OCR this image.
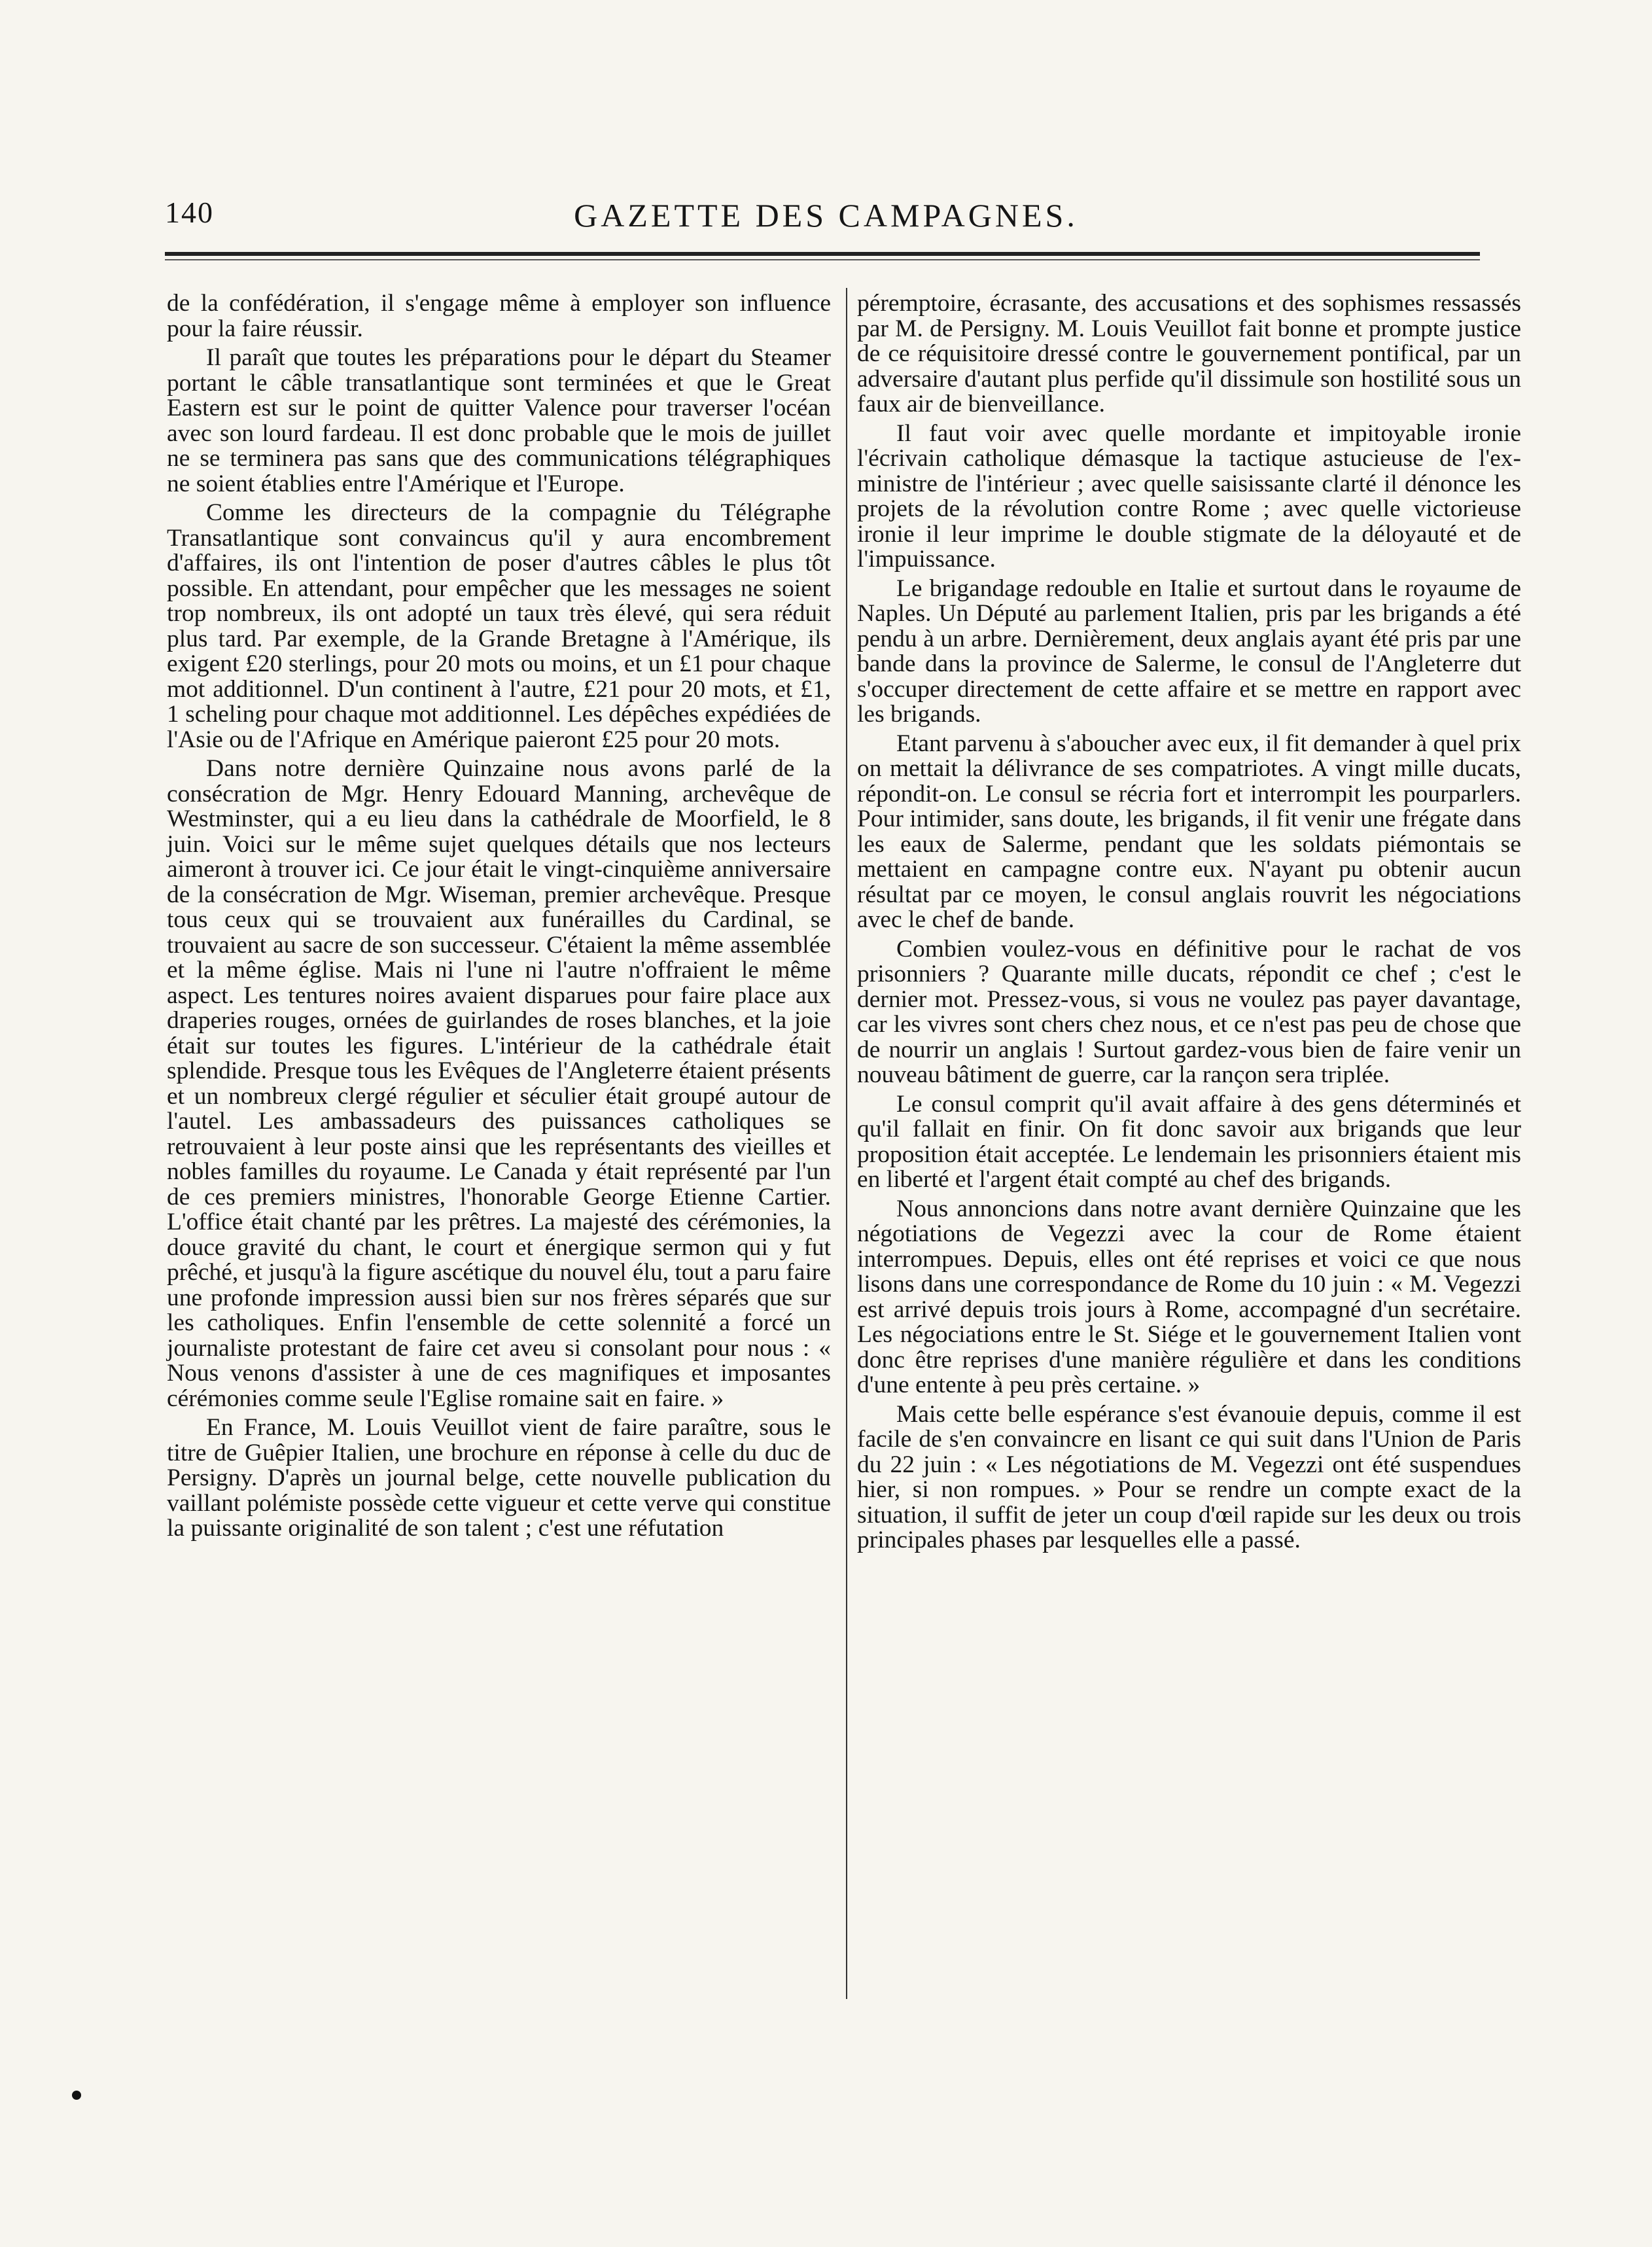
140	GAZETTE DES CAMPAGNES.

de la confédération, il s'engage même à employer son influence pour la faire réussir.

Il paraît que toutes les préparations pour le départ du Steamer portant le câble transatlantique sont terminées et que le Great Eastern est sur le point de quitter Valence pour traverser l'océan avec son lourd fardeau. Il est donc probable que le mois de juillet ne se terminera pas sans que des communications télégraphiques ne soient établies entre l'Amérique et l'Europe.

Comme les directeurs de la compagnie du Télégraphe Transatlantique sont convaincus qu'il y aura encombrement d'affaires, ils ont l'intention de poser d'autres câbles le plus tôt possible. En attendant, pour empêcher que les messages ne soient trop nombreux, ils ont adopté un taux très élevé, qui sera réduit plus tard. Par exemple, de la Grande Bretagne à l'Amérique, ils exigent £20 sterlings, pour 20 mots ou moins, et un £1 pour chaque mot additionnel. D'un continent à l'autre, £21 pour 20 mots, et £1, 1 scheling pour chaque mot additionnel. Les dépêches expédiées de l'Asie ou de l'Afrique en Amérique paieront £25 pour 20 mots.

Dans notre dernière Quinzaine nous avons parlé de la consécration de Mgr. Henry Edouard Manning, archevêque de Westminster, qui a eu lieu dans la cathédrale de Moorfield, le 8 juin. Voici sur le même sujet quelques détails que nos lecteurs aimeront à trouver ici. Ce jour était le vingt-cinquième anniversaire de la consécration de Mgr. Wiseman, premier archevêque. Presque tous ceux qui se trouvaient aux funérailles du Cardinal, se trouvaient au sacre de son successeur. C'étaient la même assemblée et la même église. Mais ni l'une ni l'autre n'offraient le même aspect. Les tentures noires avaient disparues pour faire place aux draperies rouges, ornées de guirlandes de roses blanches, et la joie était sur toutes les figures. L'intérieur de la cathédrale était splendide. Presque tous les Evêques de l'Angleterre étaient présents et un nombreux clergé régulier et séculier était groupé autour de l'autel. Les ambassadeurs des puissances catholiques se retrouvaient à leur poste ainsi que les représentants des vieilles et nobles familles du royaume. Le Canada y était représenté par l'un de ces premiers ministres, l'honorable George Etienne Cartier. L'office était chanté par les prêtres. La majesté des cérémonies, la douce gravité du chant, le court et énergique sermon qui y fut prêché, et jusqu'à la figure ascétique du nouvel élu, tout a paru faire une profonde impression aussi bien sur nos frères séparés que sur les catholiques. Enfin l'ensemble de cette solennité a forcé un journaliste protestant de faire cet aveu si consolant pour nous : « Nous venons d'assister à une de ces magnifiques et imposantes cérémonies comme seule l'Eglise romaine sait en faire. »

En France, M. Louis Veuillot vient de faire paraître, sous le titre de Guêpier Italien, une brochure en réponse à celle du duc de Persigny. D'après un journal belge, cette nouvelle publication du vaillant polémiste possède cette vigueur et cette verve qui constitue la puissante originalité de son talent ; c'est une réfutation

péremptoire, écrasante, des accusations et des sophismes ressassés par M. de Persigny. M. Louis Veuillot fait bonne et prompte justice de ce réquisitoire dressé contre le gouvernement pontifical, par un adversaire d'autant plus perfide qu'il dissimule son hostilité sous un faux air de bienveillance.

Il faut voir avec quelle mordante et impitoyable ironie l'écrivain catholique démasque la tactique astucieuse de l'ex-ministre de l'intérieur ; avec quelle saisissante clarté il dénonce les projets de la révolution contre Rome ; avec quelle victorieuse ironie il leur imprime le double stigmate de la déloyauté et de l'impuissance.

Le brigandage redouble en Italie et surtout dans le royaume de Naples. Un Député au parlement Italien, pris par les brigands a été pendu à un arbre. Dernièrement, deux anglais ayant été pris par une bande dans la province de Salerme, le consul de l'Angleterre dut s'occuper directement de cette affaire et se mettre en rapport avec les brigands.

Etant parvenu à s'aboucher avec eux, il fit demander à quel prix on mettait la délivrance de ses compatriotes. A vingt mille ducats, répondit-on. Le consul se récria fort et interrompit les pourparlers. Pour intimider, sans doute, les brigands, il fit venir une frégate dans les eaux de Salerme, pendant que les soldats piémontais se mettaient en campagne contre eux. N'ayant pu obtenir aucun résultat par ce moyen, le consul anglais rouvrit les négociations avec le chef de bande.

Combien voulez-vous en définitive pour le rachat de vos prisonniers ? Quarante mille ducats, répondit ce chef ; c'est le dernier mot. Pressez-vous, si vous ne voulez pas payer davantage, car les vivres sont chers chez nous, et ce n'est pas peu de chose que de nourrir un anglais ! Surtout gardez-vous bien de faire venir un nouveau bâtiment de guerre, car la rançon sera triplée.

Le consul comprit qu'il avait affaire à des gens déterminés et qu'il fallait en finir. On fit donc savoir aux brigands que leur proposition était acceptée. Le lendemain les prisonniers étaient mis en liberté et l'argent était compté au chef des brigands.

Nous annoncions dans notre avant dernière Quinzaine que les négotiations de Vegezzi avec la cour de Rome étaient interrompues. Depuis, elles ont été reprises et voici ce que nous lisons dans une correspondance de Rome du 10 juin : « M. Vegezzi est arrivé depuis trois jours à Rome, accompagné d'un secrétaire. Les négociations entre le St. Siége et le gouvernement Italien vont donc être reprises d'une manière régulière et dans les conditions d'une entente à peu près certaine. »

Mais cette belle espérance s'est évanouie depuis, comme il est facile de s'en convaincre en lisant ce qui suit dans l'Union de Paris du 22 juin : « Les négotiations de M. Vegezzi ont été suspendues hier, si non rompues. » Pour se rendre un compte exact de la situation, il suffit de jeter un coup d'œil rapide sur les deux ou trois principales phases par lesquelles elle a passé.
